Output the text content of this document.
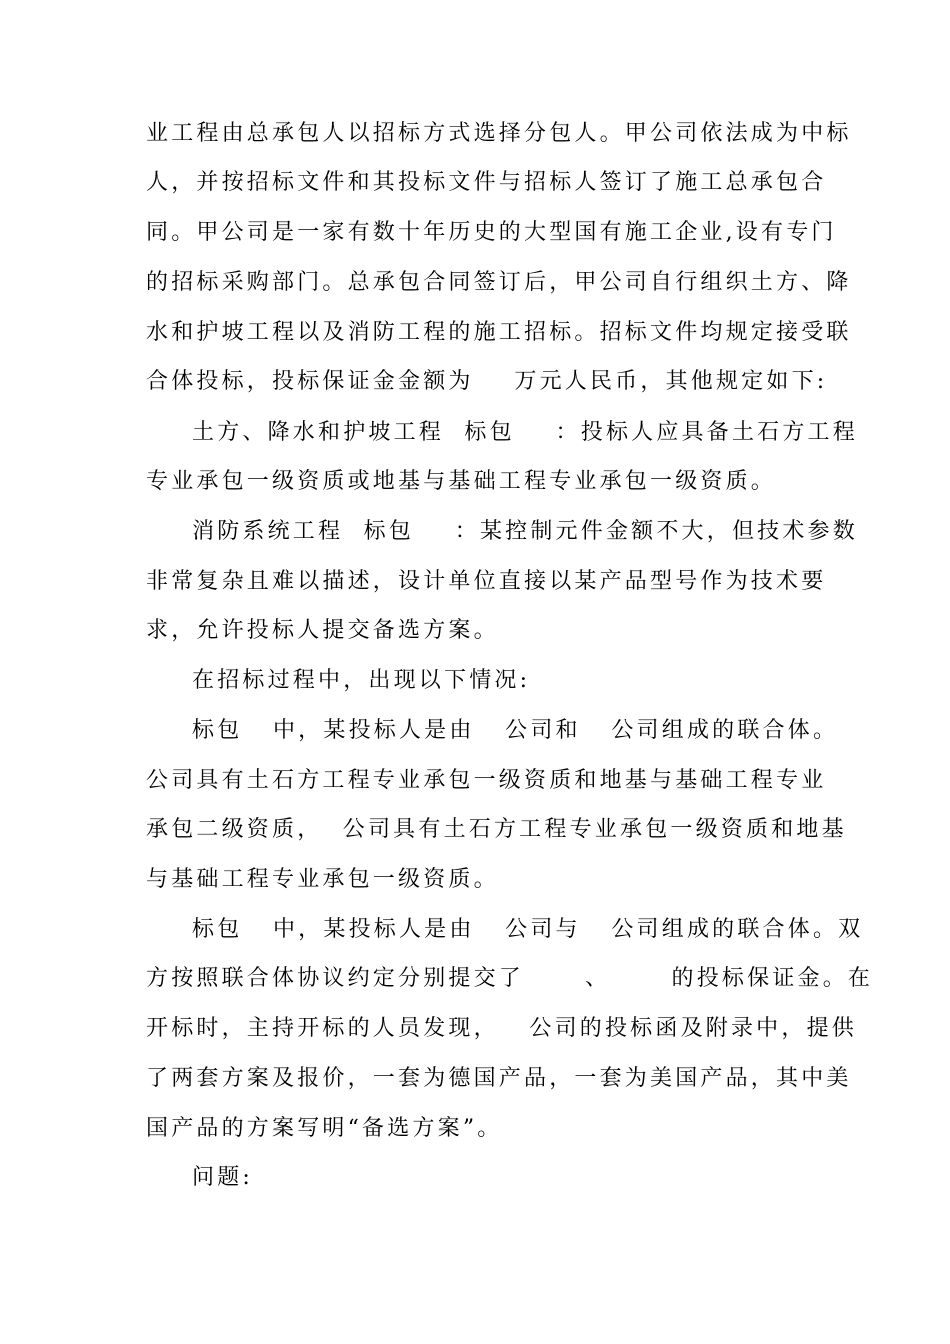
业工程由总承包人以招标方式选择分包人。甲公司依法成为中标
人，并按招标文件和其投标文件与招标人签订了施工总承包合
同。甲公司是一家有数十年历史的大型国有施工企业,设有专门
的招标采购部门。总承包合同签订后，甲公司自行组织土方、降
水和护坡工程以及消防工程的施工招标。招标文件均规定接受联
合体投标，投标保证金金额为    万元人民币，其他规定如下:
土方、降水和护坡工程  标包    ：投标人应具备土石方工程
专业承包一级资质或地基与基础工程专业承包一级资质。
消防系统工程  标包    ：某控制元件金额不大，但技术参数
非常复杂且难以描述，设计单位直接以某产品型号作为技术要
求，允许投标人提交备选方案。
在招标过程中，出现以下情况:
标包   中，某投标人是由   公司和   公司组成的联合体。
公司具有土石方工程专业承包一级资质和地基与基础工程专业
承包二级资质，  公司具有土石方工程专业承包一级资质和地基
与基础工程专业承包一级资质。
标包   中，某投标人是由   公司与   公司组成的联合体。双
方按照联合体协议约定分别提交了      、      的投标保证金。在
开标时，主持开标的人员发现，   公司的投标函及附录中，提供
了两套方案及报价，一套为德国产品，一套为美国产品，其中美
国产品的方案写明“备选方案”。
问题:
